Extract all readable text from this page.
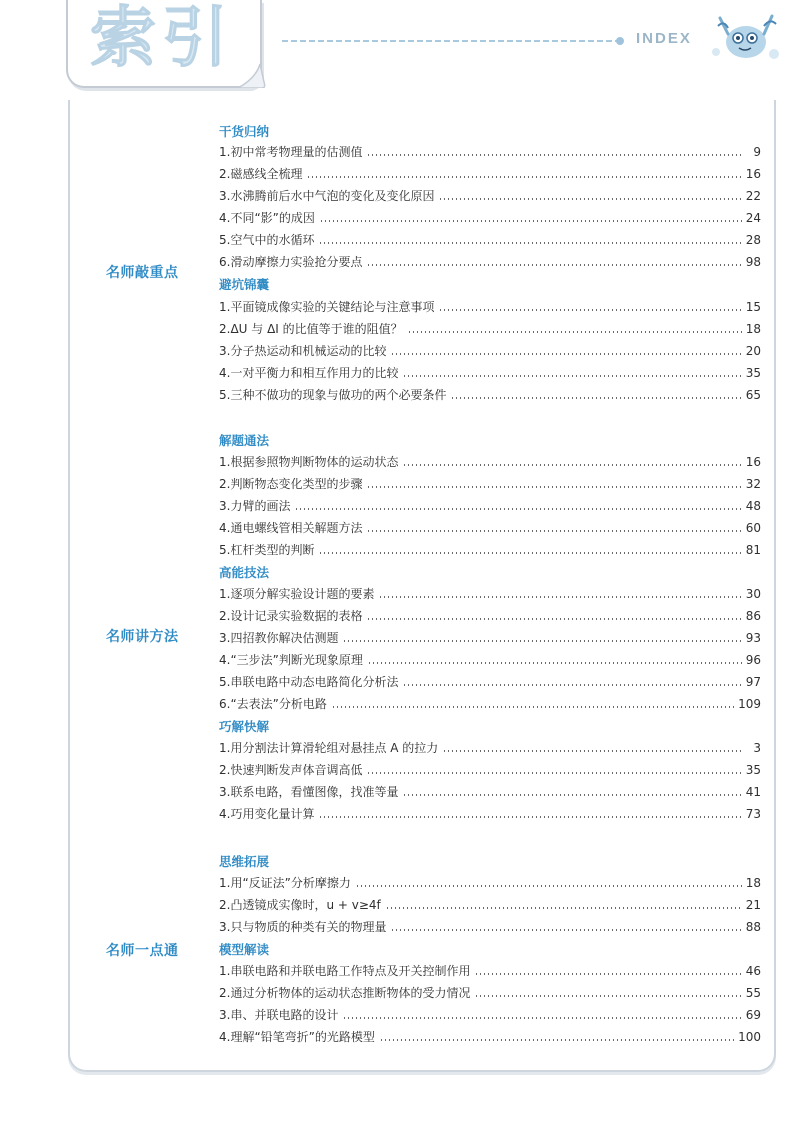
索引	INDEX
名师敲重点
名师讲方法
名师一点通
干货归纳
1.初中常考物理量的估测值	9
2.磁感线全梳理	16
3.水沸腾前后水中气泡的变化及变化原因	22
4.不同“影”的成因	24
5.空气中的水循环	28
6.滑动摩擦力实验抢分要点	98
避坑锦囊
1.平面镜成像实验的关键结论与注意事项	15
2.ΔU 与 ΔI 的比值等于谁的阻值？	18
3.分子热运动和机械运动的比较	20
4.一对平衡力和相互作用力的比较	35
5.三种不做功的现象与做功的两个必要条件	65
解题通法
1.根据参照物判断物体的运动状态	16
2.判断物态变化类型的步骤	32
3.力臂的画法	48
4.通电螺线管相关解题方法	60
5.杠杆类型的判断	81
高能技法
1.逐项分解实验设计题的要素	30
2.设计记录实验数据的表格	86
3.四招教你解决估测题	93
4.“三步法”判断光现象原理	96
5.串联电路中动态电路简化分析法	97
6.“去表法”分析电路	109
巧解快解
1.用分割法计算滑轮组对悬挂点 A 的拉力	3
2.快速判断发声体音调高低	35
3.联系电路，看懂图像，找准等量	41
4.巧用变化量计算	73
思维拓展
1.用“反证法”分析摩擦力	18
2.凸透镜成实像时，u + v≥4f	21
3.只与物质的种类有关的物理量	88
模型解读
1.串联电路和并联电路工作特点及开关控制作用	46
2.通过分析物体的运动状态推断物体的受力情况	55
3.串、并联电路的设计	69
4.理解“铅笔弯折”的光路模型	100
